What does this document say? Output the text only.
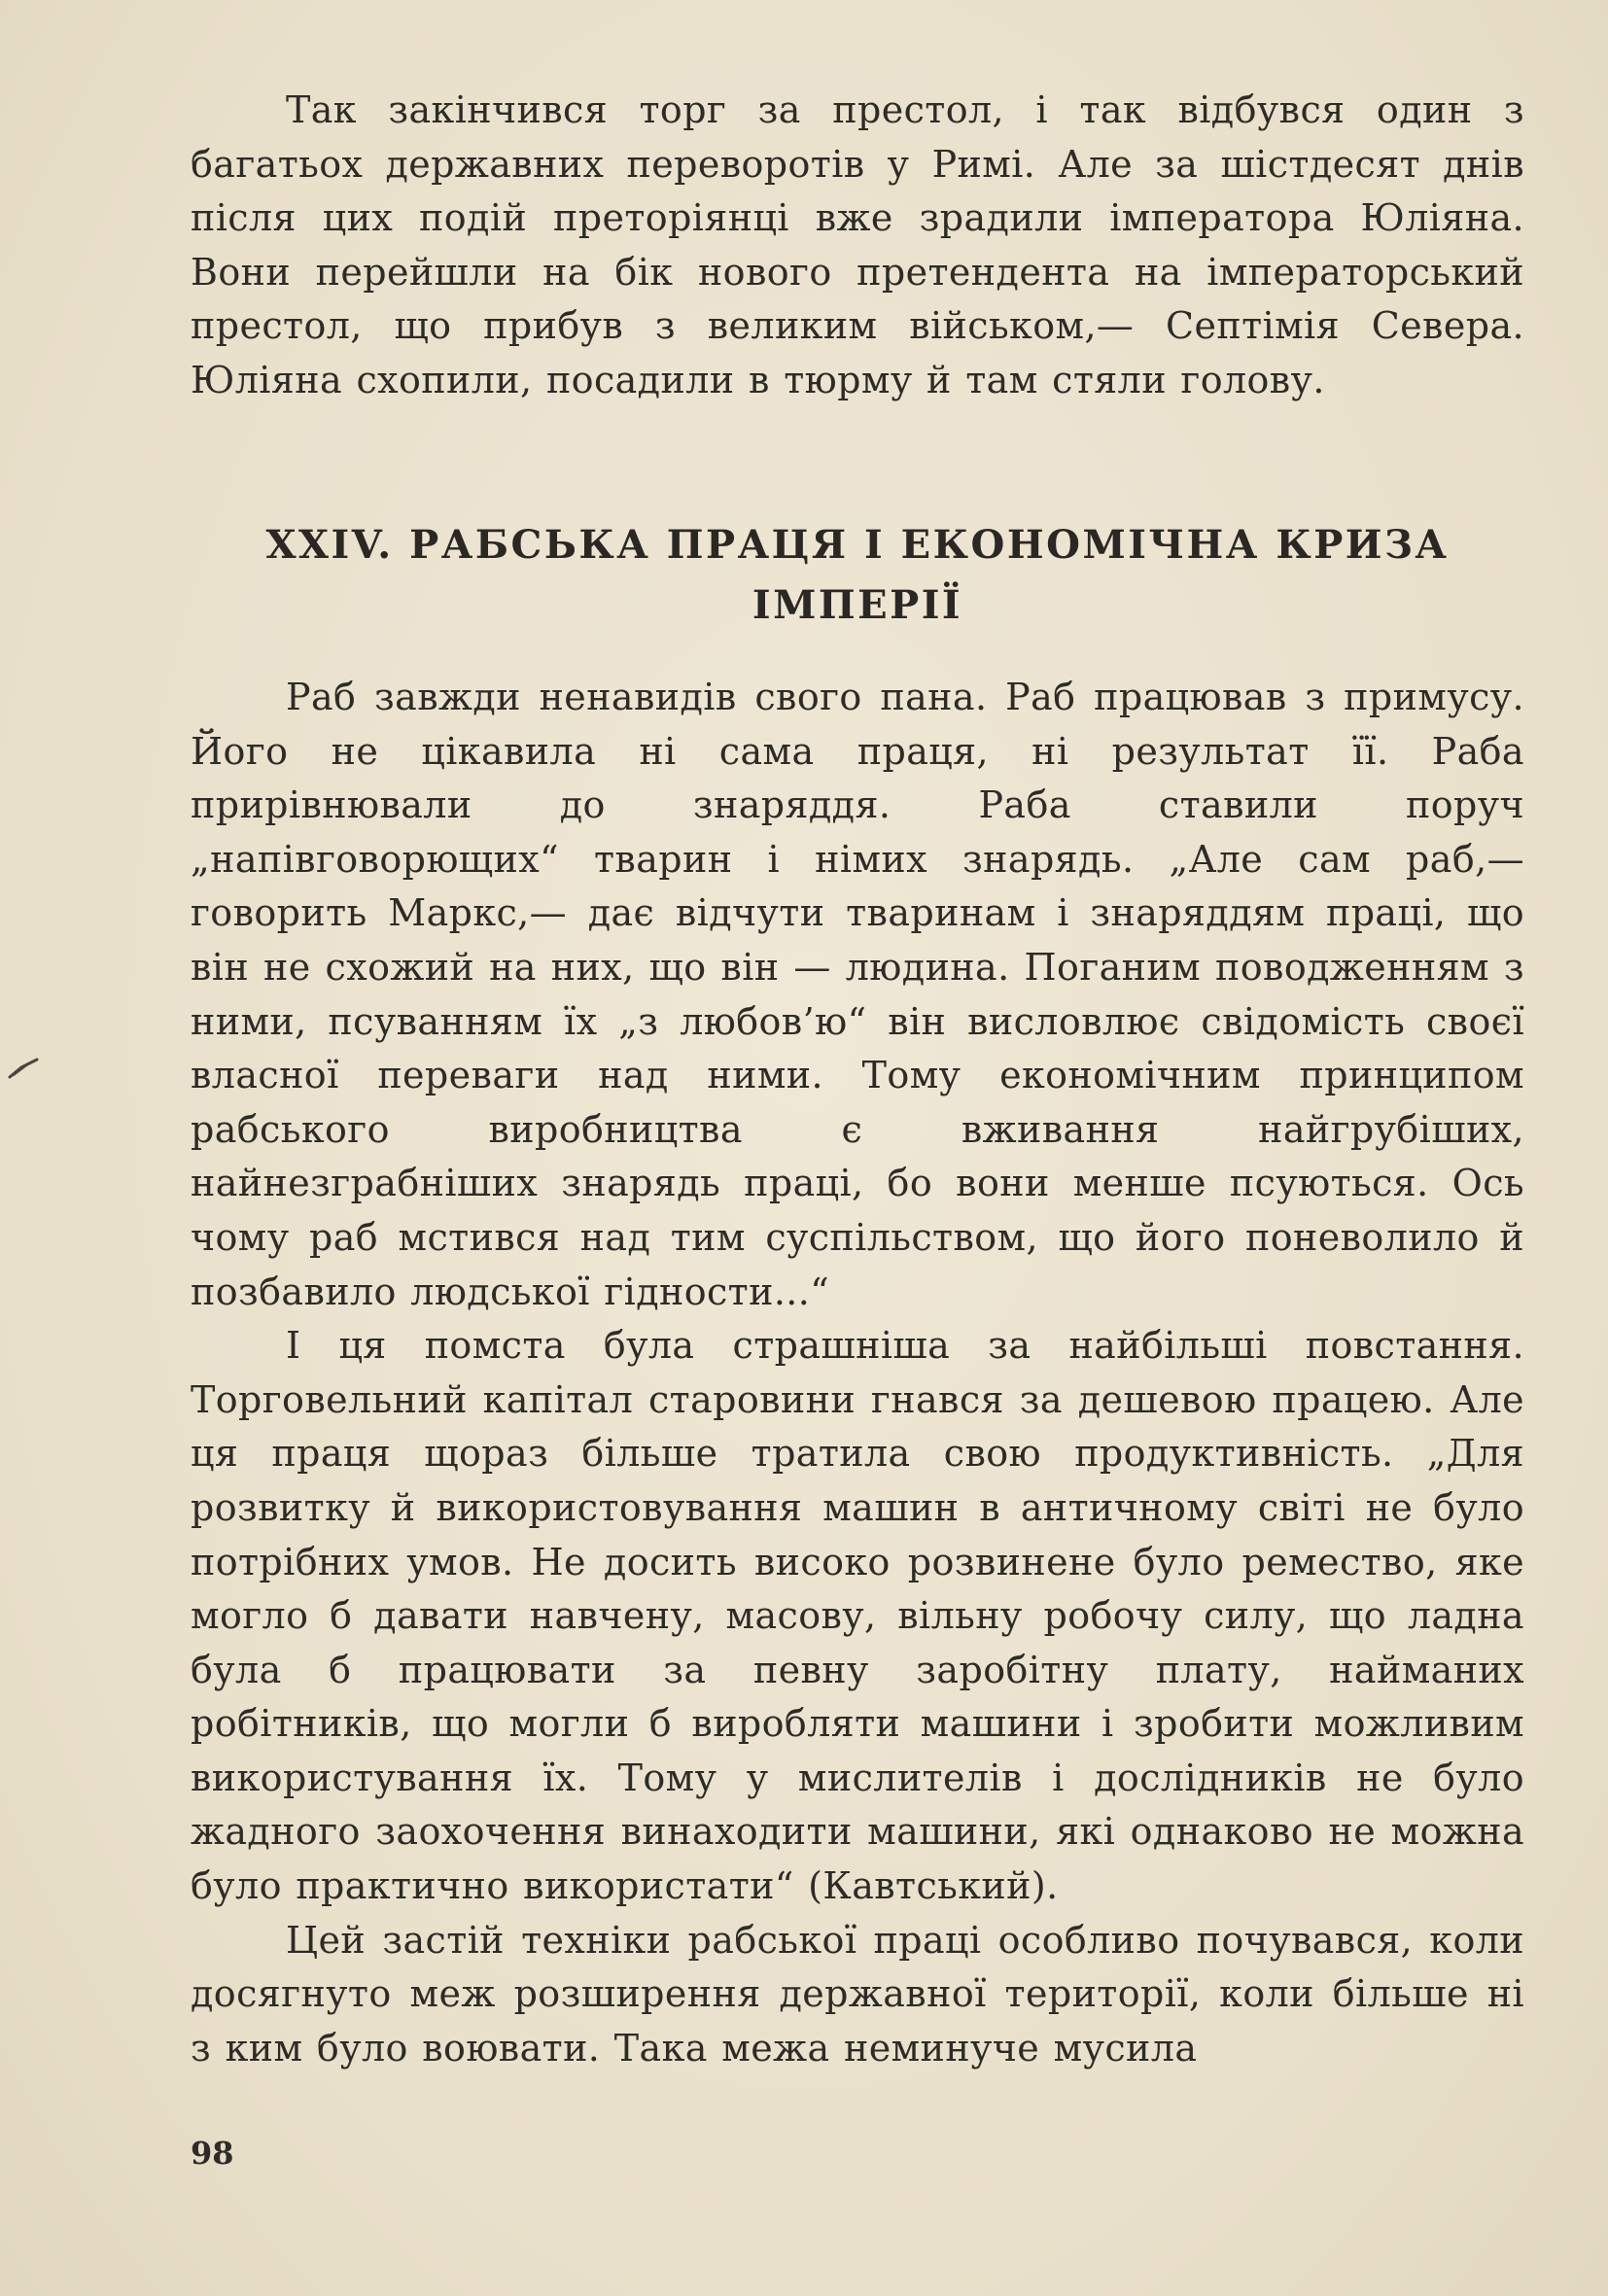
Так закінчився торг за престол, і так відбувся один з багатьох державних переворотів у Римі. Але за шістдесят днів після цих подій преторіянці вже зрадили імператора Юліяна. Вони перейшли на бік нового претендента на імператорський престол, що прибув з великим військом,— Септімія Севера. Юліяна схопили, посадили в тюрму й там стяли голову.

XXIV. РАБСЬКА ПРАЦЯ І ЕКОНОМІЧНА КРИЗА
ІМПЕРІЇ

Раб завжди ненавидів свого пана. Раб працював з примусу. Його не цікавила ні сама праця, ні результат її. Раба прирівнювали до знаряддя. Раба ставили поруч „напівговорющих“ тварин і німих знарядь. „Але сам раб,— говорить Маркс,— дає відчути тваринам і знаряддям праці, що він не схожий на них, що він — людина. Поганим поводженням з ними, псуванням їх „з любов’ю“ він висловлює свідомість своєї власної переваги над ними. Тому економічним принципом рабського виробництва є вживання найгрубіших, найнезграбніших знарядь праці, бо вони менше псуються. Ось чому раб мстився над тим суспільством, що його поневолило й позбавило людської гідности...“

І ця помста була страшніша за найбільші повстання. Торговельний капітал старовини гнався за дешевою працею. Але ця праця щораз більше тратила свою продуктивність. „Для розвитку й використовування машин в античному світі не було потрібних умов. Не досить високо розвинене було ремество, яке могло б давати навчену, масову, вільну робочу силу, що ладна була б працювати за певну заробітну плату, найманих робітників, що могли б виробляти машини і зробити можливим використування їх. Тому у мислителів і дослідників не було жадного заохочення винаходити машини, які однаково не можна було практично використати“ (Кавтський).

Цей застій техніки рабської праці особливо почувався, коли досягнуто меж розширення державної території, коли більше ні з ким було воювати. Така межа неминуче мусила

98
